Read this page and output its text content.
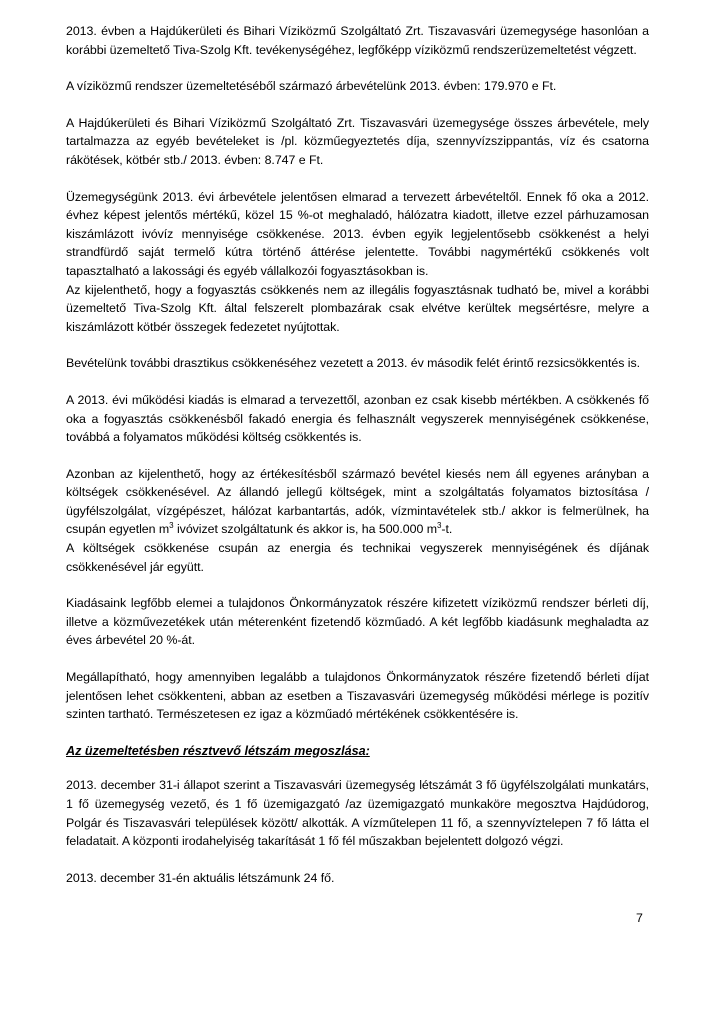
2013. évben a Hajdúkerületi és Bihari Víziközmű Szolgáltató Zrt. Tiszavasvári üzemegysége hasonlóan a korábbi üzemeltető Tiva-Szolg Kft. tevékenységéhez, legfőképp víziközmű rendszerüzemeltetést végzett.

A víziközmű rendszer üzemeltetéséből származó árbevételünk 2013. évben: 179.970 e Ft.

A Hajdúkerületi és Bihari Víziközmű Szolgáltató Zrt. Tiszavasvári üzemegysége összes árbevétele, mely tartalmazza az egyéb bevételeket is /pl. közműegyeztetés díja, szennyvízszippantás, víz és csatorna rákötések, kötbér stb./ 2013. évben: 8.747 e Ft.

Üzemegységünk 2013. évi árbevétele jelentősen elmarad a tervezett árbevételtől. Ennek fő oka a 2012. évhez képest jelentős mértékű, közel 15 %-ot meghaladó, hálózatra kiadott, illetve ezzel párhuzamosan kiszámlázott ivóvíz mennyisége csökkenése. 2013. évben egyik legjelentősebb csökkenést a helyi strandfürdő saját termelő kútra történő áttérése jelentette. További nagymértékű csökkenés volt tapasztalható a lakossági és egyéb vállalkozói fogyasztásokban is.
Az kijelenthető, hogy a fogyasztás csökkenés nem az illegális fogyasztásnak tudható be, mivel a korábbi üzemeltető Tiva-Szolg Kft. által felszerelt plombazárak csak elvétve kerültek megsértésre, melyre a kiszámlázott kötbér összegek fedezetet nyújtottak.

Bevételünk további drasztikus csökkenéséhez vezetett a 2013. év második felét érintő rezsicsökkentés is.

A 2013. évi működési kiadás is elmarad a tervezettől, azonban ez csak kisebb mértékben. A csökkenés fő oka a fogyasztás csökkenésből fakadó energia és felhasznált vegyszerek mennyiségének csökkenése, továbbá a folyamatos működési költség csökkentés is.

Azonban az kijelenthető, hogy az értékesítésből származó bevétel kiesés nem áll egyenes arányban a költségek csökkenésével. Az állandó jellegű költségek, mint a szolgáltatás folyamatos biztosítása /ügyfélszolgálat, vízgépészet, hálózat karbantartás, adók, vízmintavételek stb./ akkor is felmerülnek, ha csupán egyetlen $m^3$ ivóvizet szolgáltatunk és akkor is, ha 500.000 $m^3-t$.
A költségek csökkenése csupán az energia és technikai vegyszerek mennyiségének és díjának csökkenésével jár együtt.

Kiadásaink legfőbb elemei a tulajdonos Önkormányzatok részére kifizetett víziközmű rendszer bérleti díj, illetve a közművezetékek után méterenként fizetendő közműadó. A két legfőbb kiadásunk meghaladta az éves árbevétel 20 %-át.

Megállapítható, hogy amennyiben legalább a tulajdonos Önkormányzatok részére fizetendő bérleti díjat jelentősen lehet csökkenteni, abban az esetben a Tiszavasvári üzemegység működési mérlege is pozitív szinten tartható. Természetesen ez igaz a közműadó mértékének csökkentésére is.

Az üzemeltetésben résztvevő létszám megoszlása:

2013. december 31-i állapot szerint a Tiszavasvári üzemegység létszámát 3 fő ügyfélszolgálati munkatárs, 1 fő üzemegység vezető, és 1 fő üzemigazgató /az üzemigazgató munkaköre megosztva Hajdúdorog, Polgár és Tiszavasvári települések között/ alkották. A vízműtelepen 11 fő, a szennyvíztelepen 7 fő látta el feladatait. A központi irodahelyiség takarítását 1 fő fél műszakban bejelentett dolgozó végzi.

2013. december 31-én aktuális létszámunk 24 fő.

7
